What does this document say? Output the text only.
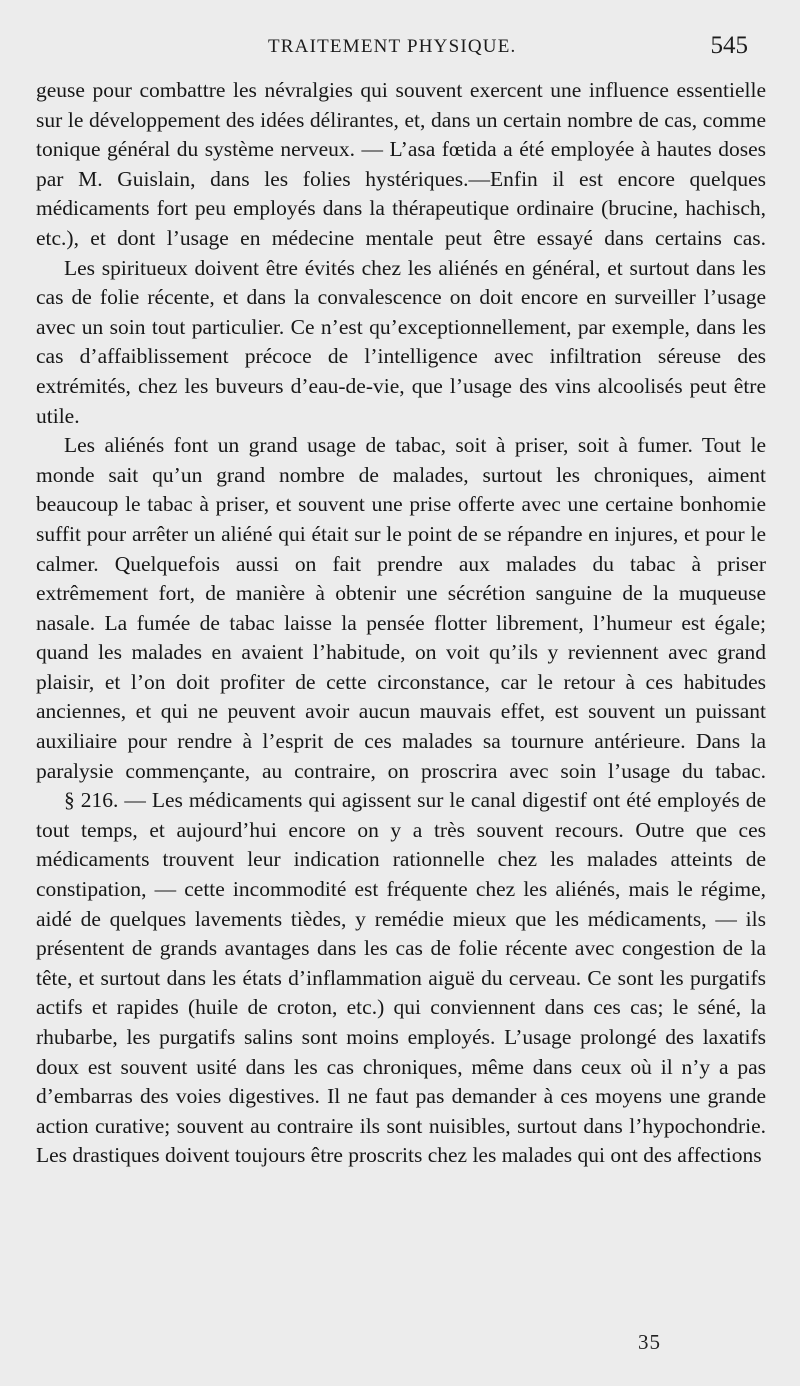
TRAITEMENT PHYSIQUE.	545

geuse pour combattre les névralgies qui souvent exercent une influence essentielle sur le développement des idées délirantes, et, dans un certain nombre de cas, comme tonique général du système nerveux. — L’asa fœtida a été employée à hautes doses par M. Guislain, dans les folies hystériques.—Enfin il est encore quelques médicaments fort peu employés dans la thérapeutique ordinaire (brucine, hachisch, etc.), et dont l’usage en médecine mentale peut être essayé dans certains cas.

Les spiritueux doivent être évités chez les aliénés en général, et surtout dans les cas de folie récente, et dans la convalescence on doit encore en surveiller l’usage avec un soin tout particulier. Ce n’est qu’exceptionnellement, par exemple, dans les cas d’affaiblissement précoce de l’intelligence avec infiltration séreuse des extrémités, chez les buveurs d’eau-de-vie, que l’usage des vins alcoolisés peut être utile.

Les aliénés font un grand usage de tabac, soit à priser, soit à fumer. Tout le monde sait qu’un grand nombre de malades, surtout les chroniques, aiment beaucoup le tabac à priser, et souvent une prise offerte avec une certaine bonhomie suffit pour arrêter un aliéné qui était sur le point de se répandre en injures, et pour le calmer. Quelquefois aussi on fait prendre aux malades du tabac à priser extrêmement fort, de manière à obtenir une sécrétion sanguine de la muqueuse nasale. La fumée de tabac laisse la pensée flotter librement, l’humeur est égale; quand les malades en avaient l’habitude, on voit qu’ils y reviennent avec grand plaisir, et l’on doit profiter de cette circonstance, car le retour à ces habitudes anciennes, et qui ne peuvent avoir aucun mauvais effet, est souvent un puissant auxiliaire pour rendre à l’esprit de ces malades sa tournure antérieure. Dans la paralysie commençante, au contraire, on proscrira avec soin l’usage du tabac.

§ 216. — Les médicaments qui agissent sur le canal digestif ont été employés de tout temps, et aujourd’hui encore on y a très souvent recours. Outre que ces médicaments trouvent leur indication rationnelle chez les malades atteints de constipation, — cette incommodité est fréquente chez les aliénés, mais le régime, aidé de quelques lavements tièdes, y remédie mieux que les médicaments, — ils présentent de grands avantages dans les cas de folie récente avec congestion de la tête, et surtout dans les états d’inflammation aiguë du cerveau. Ce sont les purgatifs actifs et rapides (huile de croton, etc.) qui conviennent dans ces cas; le séné, la rhubarbe, les purgatifs salins sont moins employés. L’usage prolongé des laxatifs doux est souvent usité dans les cas chroniques, même dans ceux où il n’y a pas d’embarras des voies digestives. Il ne faut pas demander à ces moyens une grande action curative; souvent au contraire ils sont nuisibles, surtout dans l’hypochondrie. Les drastiques doivent toujours être proscrits chez les malades qui ont des affections

35
